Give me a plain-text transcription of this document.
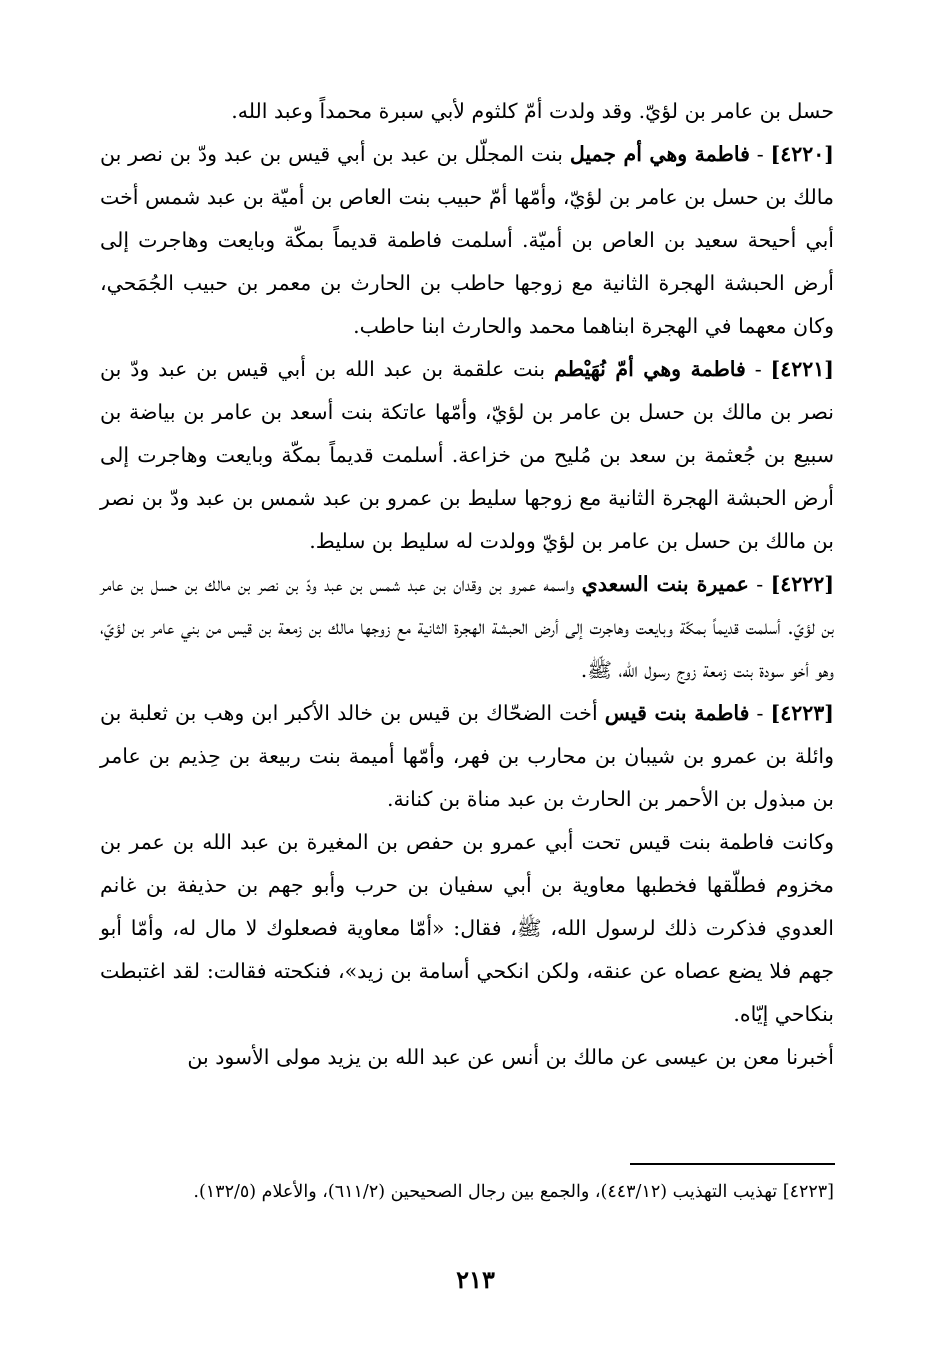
حسل بن عامر بن لؤيّ. وقد ولدت أمّ كلثوم لأبي سبرة محمداً وعبد الله.

[٤٢٢٠] - فاطمة وهي أم جميل بنت المجلّل بن عبد بن أبي قيس بن عبد ودّ بن نصر بن مالك بن حسل بن عامر بن لؤيّ، وأمّها أمّ حبيب بنت العاص بن أميّة بن عبد شمس أخت أبي أحيحة سعيد بن العاص بن أميّة. أسلمت فاطمة قديماً بمكّة وبايعت وهاجرت إلى أرض الحبشة الهجرة الثانية مع زوجها حاطب بن الحارث بن معمر بن حبيب الجُمَحي، وكان معهما في الهجرة ابناهما محمد والحارث ابنا حاطب.

[٤٢٢١] - فاطمة وهي أمّ نُهَيْطم بنت علقمة بن عبد الله بن أبي قيس بن عبد ودّ بن نصر بن مالك بن حسل بن عامر بن لؤيّ، وأمّها عاتكة بنت أسعد بن عامر بن بياضة بن سبيع بن جُعثمة بن سعد بن مُليح من خزاعة. أسلمت قديماً بمكّة وبايعت وهاجرت إلى أرض الحبشة الهجرة الثانية مع زوجها سليط بن عمرو بن عبد شمس بن عبد ودّ بن نصر بن مالك بن حسل بن عامر بن لؤيّ وولدت له سليط بن سليط.

[٤٢٢٢] - عميرة بنت السعدي واسمه عمرو بن وقدان بن عبد شمس بن عبد ودّ بن نصر بن مالك بن حسل بن عامر بن لؤيّ. أسلمت قديماً بمكّة وبايعت وهاجرت إلى أرض الحبشة الهجرة الثانية مع زوجها مالك بن زمعة بن قيس من بني عامر بن لؤيّ، وهو أخو سودة بنت زمعة زوج رسول الله، ﷺ.

[٤٢٢٣] - فاطمة بنت قيس أخت الضحّاك بن قيس بن خالد الأكبر ابن وهب بن ثعلبة بن وائلة بن عمرو بن شيبان بن محارب بن فهر، وأمّها أميمة بنت ربيعة بن حِذيم بن عامر بن مبذول بن الأحمر بن الحارث بن عبد مناة بن كنانة.

وكانت فاطمة بنت قيس تحت أبي عمرو بن حفص بن المغيرة بن عبد الله بن عمر بن مخزوم فطلّقها فخطبها معاوية بن أبي سفيان بن حرب وأبو جهم بن حذيفة بن غانم العدوي فذكرت ذلك لرسول الله، ﷺ، فقال: «أمّا معاوية فصعلوك لا مال له، وأمّا أبو جهم فلا يضع عصاه عن عنقه، ولكن انكحي أسامة بن زيد»، فنكحته فقالت: لقد اغتبطت بنكاحي إيّاه.

أخبرنا معن بن عيسى عن مالك بن أنس عن عبد الله بن يزيد مولى الأسود بن

[٤٢٢٣] تهذيب التهذيب (٤٤٣/١٢)، والجمع بين رجال الصحيحين (٦١١/٢)، والأعلام (١٣٢/٥).
٢١٣
